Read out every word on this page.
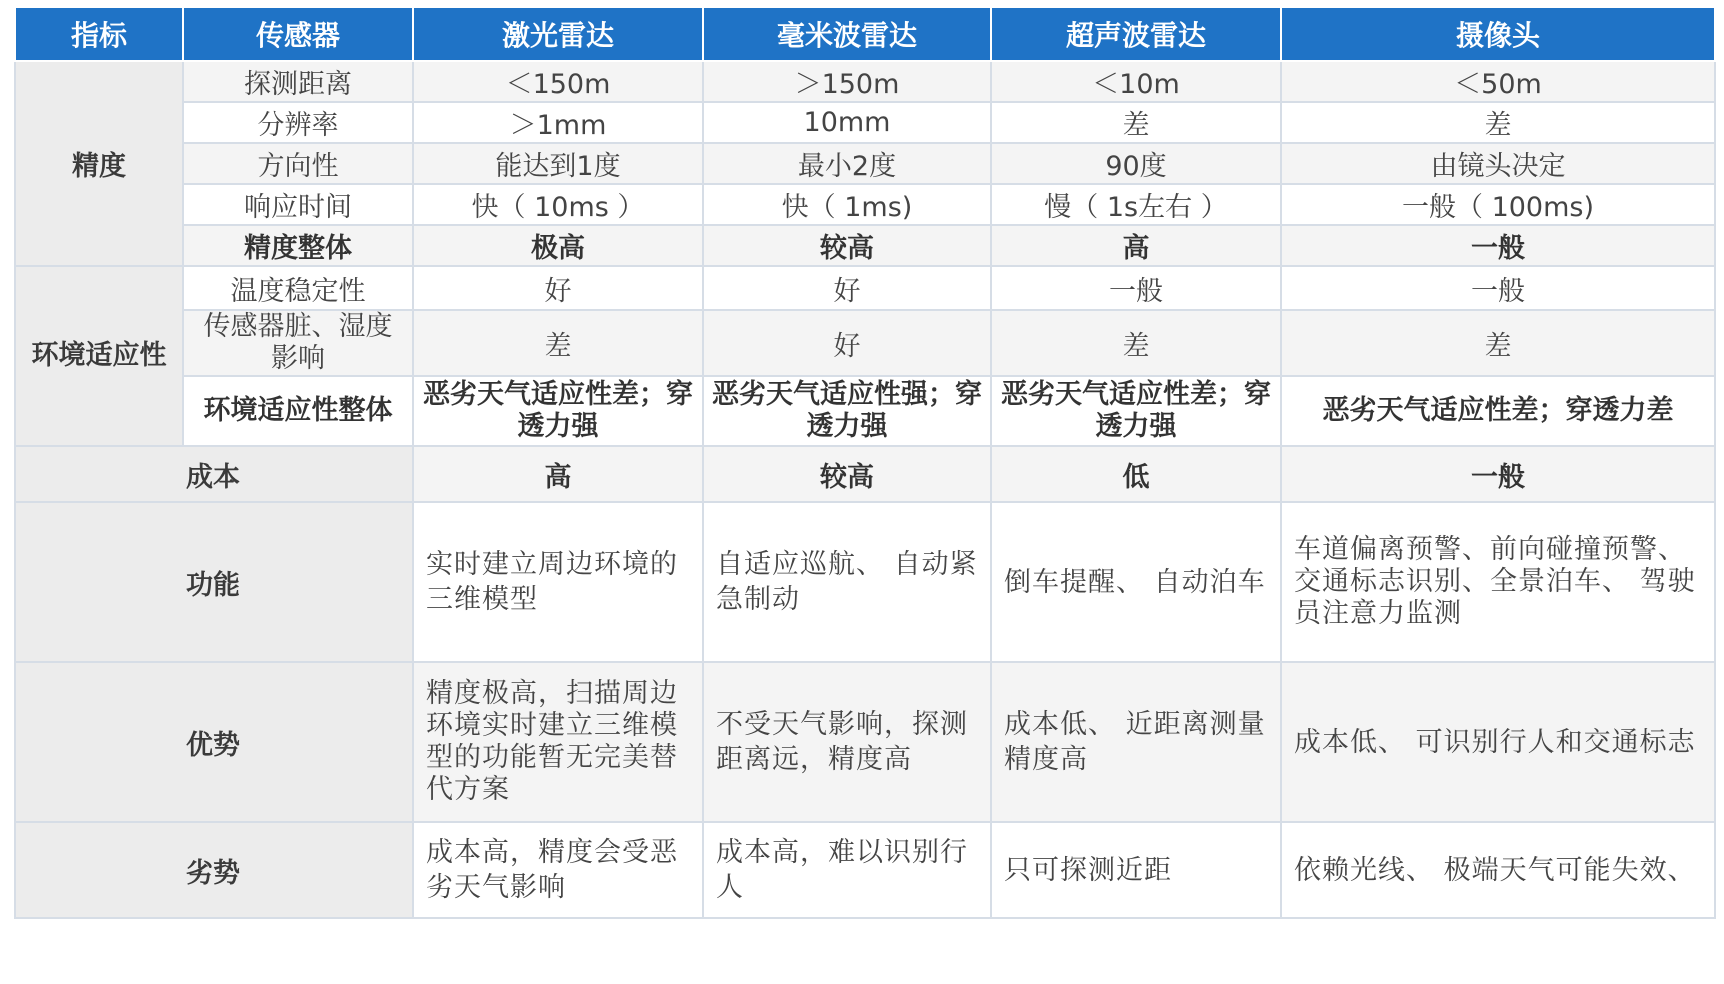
指标	传感器	激光雷达	毫米波雷达	超声波雷达	摄像头
精度	探测距离	＜150m	＞150m	＜10m	＜50m
	分辨率	＞1mm	10mm	差	差
	方向性	能达到1度	最小2度	90度	由镜头决定
	响应时间	快（ 10ms ）	快（ 1ms)	慢（ 1s左右 ）	一般（ 100ms)
	精度整体	极高	较高	高	一般
环境适应性	温度稳定性	好	好	一般	一般
	传感器脏、湿度影响	差	好	差	差
	环境适应性整体	恶劣天气适应性差；穿透力强	恶劣天气适应性强；穿透力强	恶劣天气适应性差；穿透力强	恶劣天气适应性差；穿透力差
成本		高	较高	低	一般
功能		实时建立周边环境的三维模型	自适应巡航、 自动紧急制动	倒车提醒、 自动泊车	车道偏离预警、前向碰撞预警、交通标志识别、全景泊车、 驾驶员注意力监测
优势		精度极高，扫描周边环境实时建立三维模型的功能暂无完美替代方案	不受天气影响，探测距离远，精度高	成本低、 近距离测量精度高	成本低、 可识别行人和交通标志
劣势		成本高，精度会受恶劣天气影响	成本高，难以识别行人	只可探测近距	依赖光线、 极端天气可能失效、
